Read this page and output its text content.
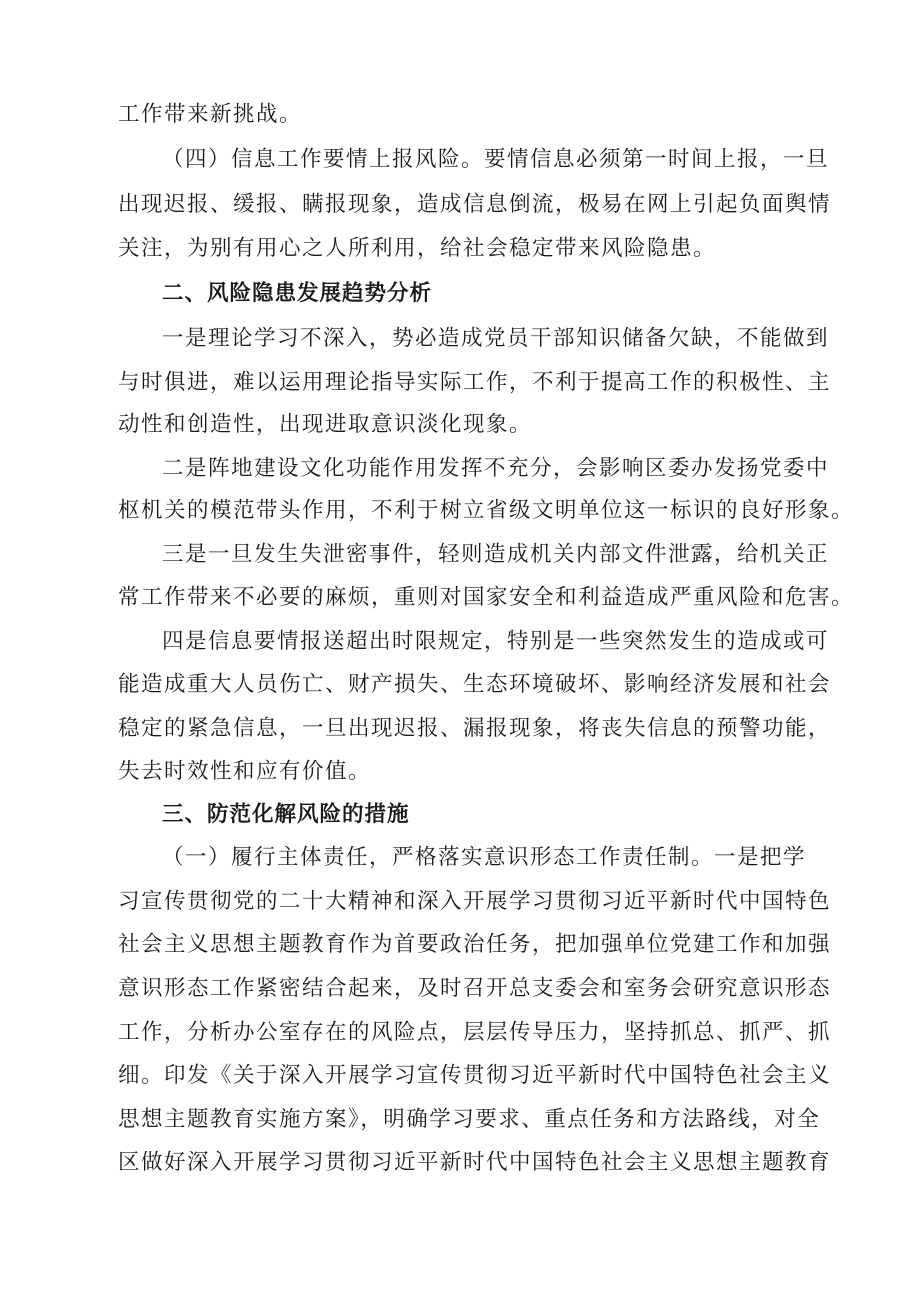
工作带来新挑战。
（四）信息工作要情上报风险。要情信息必须第一时间上报，一旦
出现迟报、缓报、瞒报现象，造成信息倒流，极易在网上引起负面舆情
关注，为别有用心之人所利用，给社会稳定带来风险隐患。
二、风险隐患发展趋势分析
一是理论学习不深入，势必造成党员干部知识储备欠缺，不能做到
与时俱进，难以运用理论指导实际工作，不利于提高工作的积极性、主
动性和创造性，出现进取意识淡化现象。
二是阵地建设文化功能作用发挥不充分，会影响区委办发扬党委中
枢机关的模范带头作用，不利于树立省级文明单位这一标识的良好形象。
三是一旦发生失泄密事件，轻则造成机关内部文件泄露，给机关正
常工作带来不必要的麻烦，重则对国家安全和利益造成严重风险和危害。
四是信息要情报送超出时限规定，特别是一些突然发生的造成或可
能造成重大人员伤亡、财产损失、生态环境破坏、影响经济发展和社会
稳定的紧急信息，一旦出现迟报、漏报现象，将丧失信息的预警功能，
失去时效性和应有价值。
三、防范化解风险的措施
（一）履行主体责任，严格落实意识形态工作责任制。一是把学
习宣传贯彻党的二十大精神和深入开展学习贯彻习近平新时代中国特色
社会主义思想主题教育作为首要政治任务，把加强单位党建工作和加强
意识形态工作紧密结合起来，及时召开总支委会和室务会研究意识形态
工作，分析办公室存在的风险点，层层传导压力，坚持抓总、抓严、抓
细。印发《关于深入开展学习宣传贯彻习近平新时代中国特色社会主义
思想主题教育实施方案》，明确学习要求、重点任务和方法路线，对全
区做好深入开展学习贯彻习近平新时代中国特色社会主义思想主题教育
